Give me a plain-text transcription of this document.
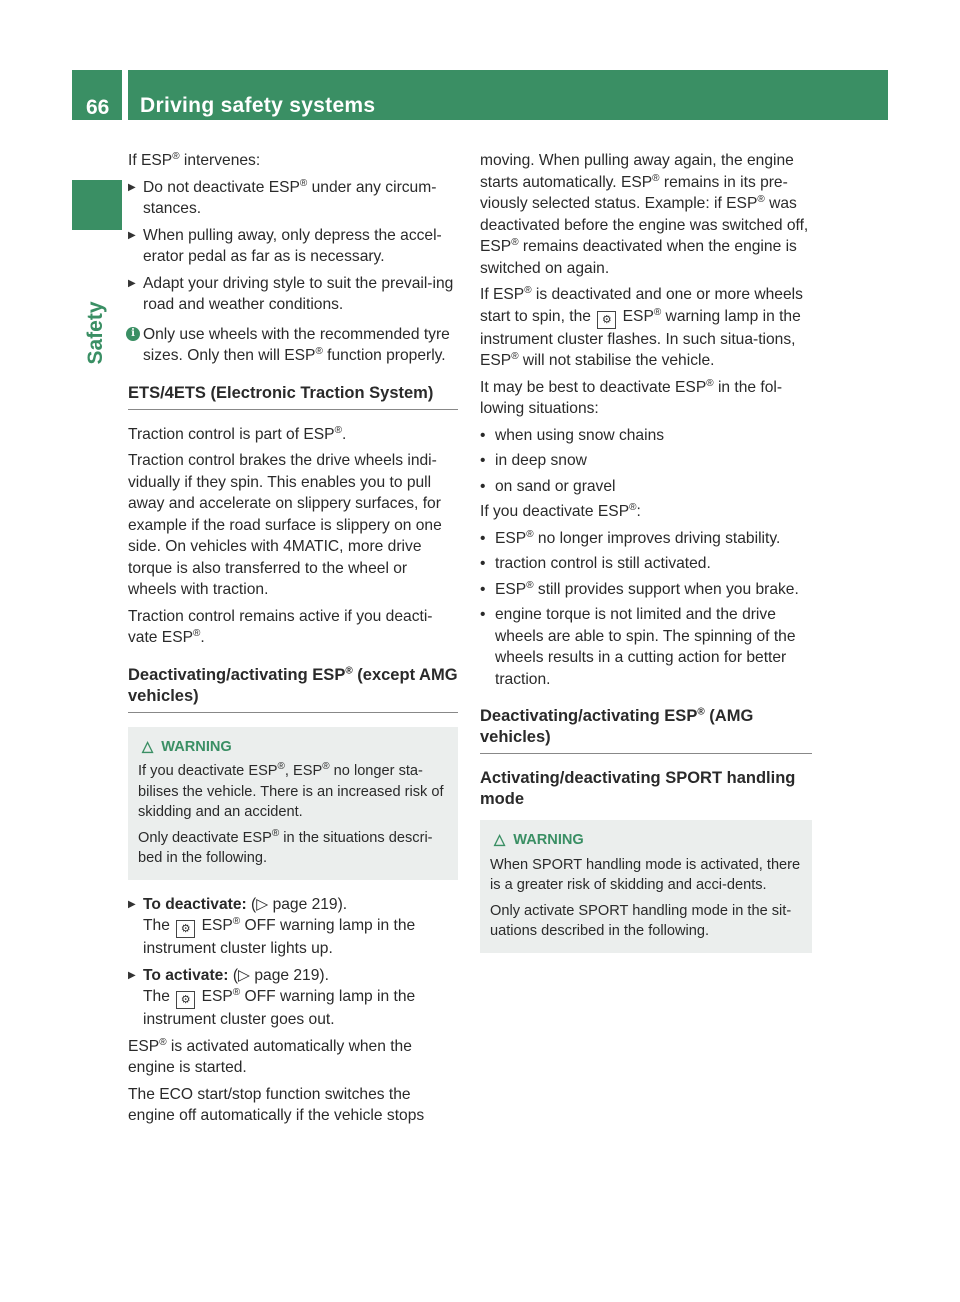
66	Driving safety systems
Safety

If ESP® intervenes:

▶ Do not deactivate ESP® under any circum-stances.
▶ When pulling away, only depress the accel-erator pedal as far as is necessary.
▶ Adapt your driving style to suit the prevail-ing road and weather conditions.
i Only use wheels with the recommended tyre sizes. Only then will ESP® function properly.
ETS/4ETS (Electronic Traction System)

Traction control is part of ESP®.

Traction control brakes the drive wheels indi-vidually if they spin. This enables you to pull away and accelerate on slippery surfaces, for example if the road surface is slippery on one side. On vehicles with 4MATIC, more drive torque is also transferred to the wheel or wheels with traction.

Traction control remains active if you deacti-vate ESP®.

Deactivating/activating ESP® (except AMG vehicles)
△ WARNING

If you deactivate ESP®, ESP® no longer sta-bilises the vehicle. There is an increased risk of skidding and an accident.

Only deactivate ESP® in the situations descri-bed in the following.

▶ To deactivate: (▷ page 219).
The ⚙ ESP® OFF warning lamp in the instrument cluster lights up.
▶ To activate: (▷ page 219).
The ⚙ ESP® OFF warning lamp in the instrument cluster goes out.

ESP® is activated automatically when the engine is started.

The ECO start/stop function switches the engine off automatically if the vehicle stops

moving. When pulling away again, the engine starts automatically. ESP® remains in its pre-viously selected status. Example: if ESP® was deactivated before the engine was switched off, ESP® remains deactivated when the engine is switched on again.

If ESP® is deactivated and one or more wheels start to spin, the ⚙ ESP® warning lamp in the instrument cluster flashes. In such situa-tions, ESP® will not stabilise the vehicle.

It may be best to deactivate ESP® in the fol-lowing situations:

• when using snow chains
• in deep snow
• on sand or gravel

If you deactivate ESP®:

• ESP® no longer improves driving stability.
• traction control is still activated.
• ESP® still provides support when you brake.
• engine torque is not limited and the drive wheels are able to spin. The spinning of the wheels results in a cutting action for better traction.
Deactivating/activating ESP® (AMG vehicles)
Activating/deactivating SPORT handling mode
△ WARNING

When SPORT handling mode is activated, there is a greater risk of skidding and acci-dents.

Only activate SPORT handling mode in the sit-uations described in the following.
